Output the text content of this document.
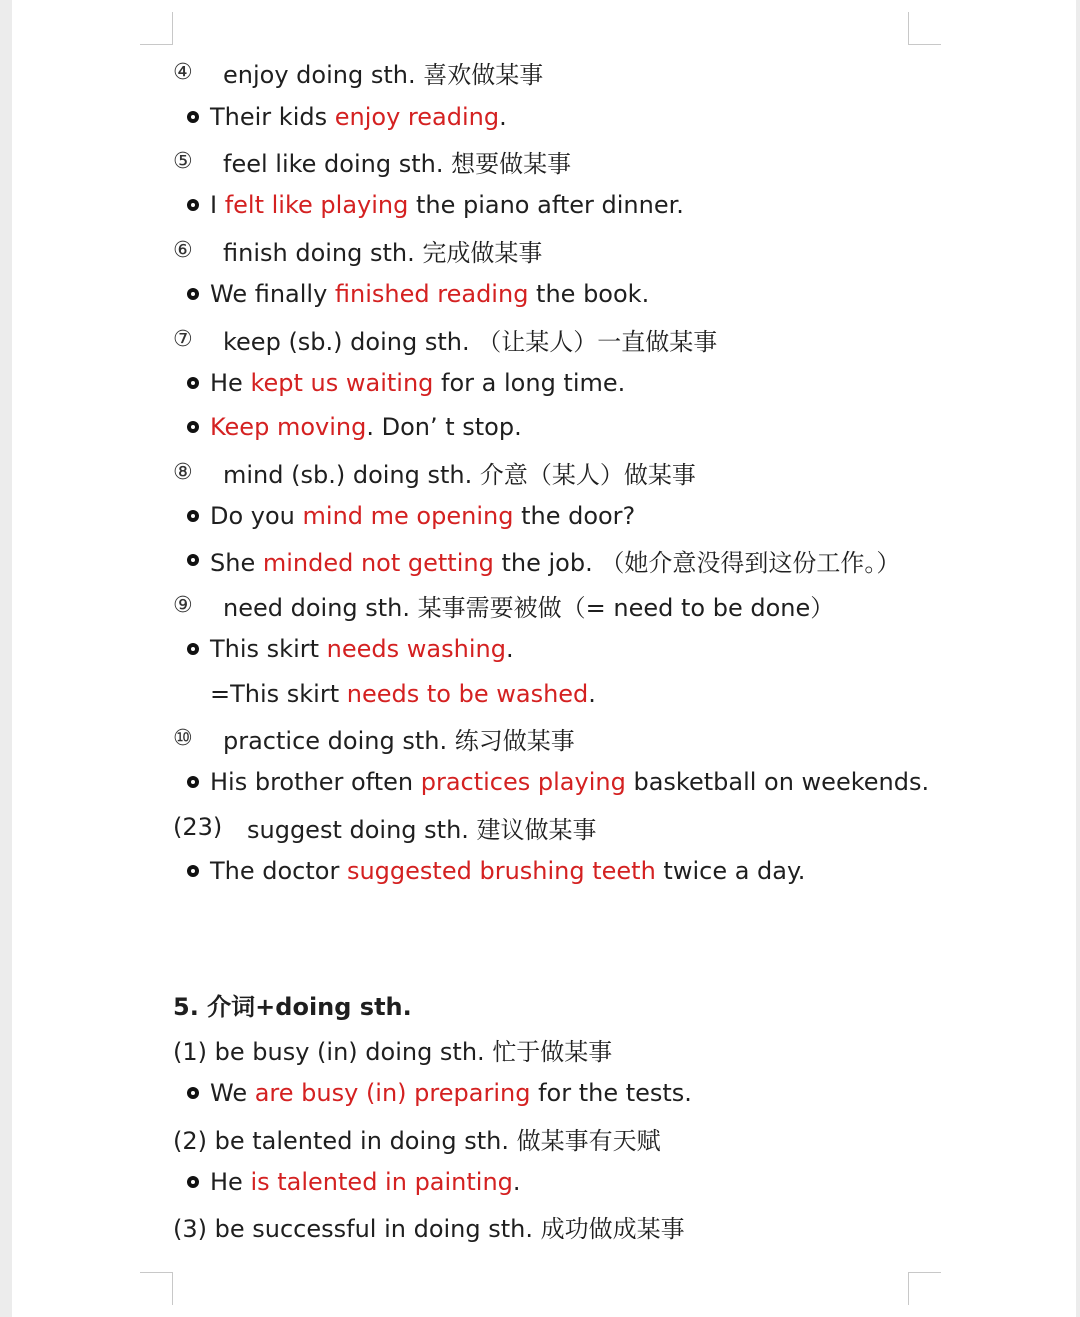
④	enjoy doing sth. 喜欢做某事
Their kids enjoy reading.
⑤	feel like doing sth. 想要做某事
I felt like playing the piano after dinner.
⑥	finish doing sth. 完成做某事
We finally finished reading the book.
⑦	keep (sb.) doing sth. （让某人）一直做某事
He kept us waiting for a long time.
Keep moving. Don’ t stop.
⑧	mind (sb.) doing sth. 介意（某人）做某事
Do you mind me opening the door?
She minded not getting the job. （她介意没得到这份工作。）
⑨	need doing sth. 某事需要被做（= need to be done）
This skirt needs washing.
=This skirt needs to be washed.
⑩	practice doing sth. 练习做某事
His brother often practices playing basketball on weekends.
(23) suggest doing sth. 建议做某事
The doctor suggested brushing teeth twice a day.
5. 介词+doing sth.
(1) be busy (in) doing sth. 忙于做某事
We are busy (in) preparing for the tests.
(2) be talented in doing sth. 做某事有天赋
He is talented in painting.
(3) be successful in doing sth. 成功做成某事
